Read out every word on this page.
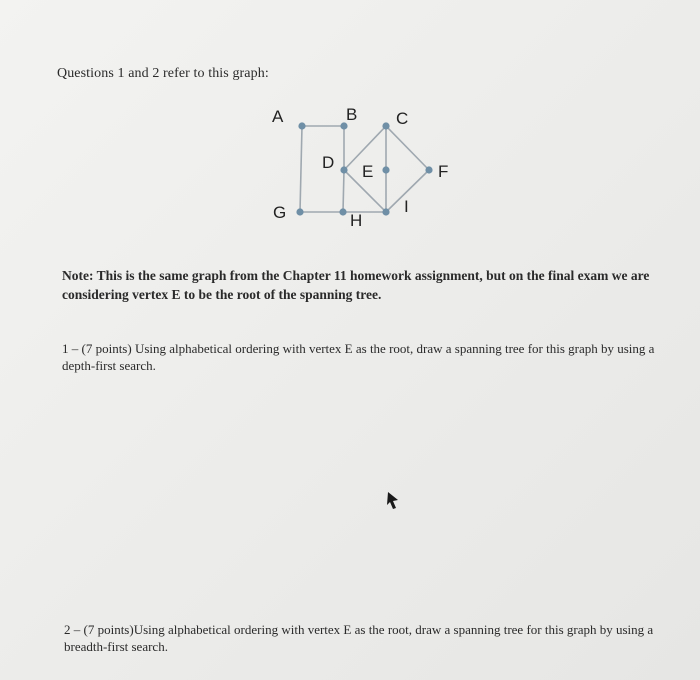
Questions 1 and 2 refer to this graph:
A	B C
D E	F
G	H
I
Note: This is the same graph from the Chapter 11 homework assignment, but on the final exam we are considering vertex E to be the root of the spanning tree.
1 – (7 points) Using alphabetical ordering with vertex E as the root, draw a spanning tree for this graph by using a depth-first search.
2 – (7 points)Using alphabetical ordering with vertex E as the root, draw a spanning tree for this graph by using a breadth-first search.
